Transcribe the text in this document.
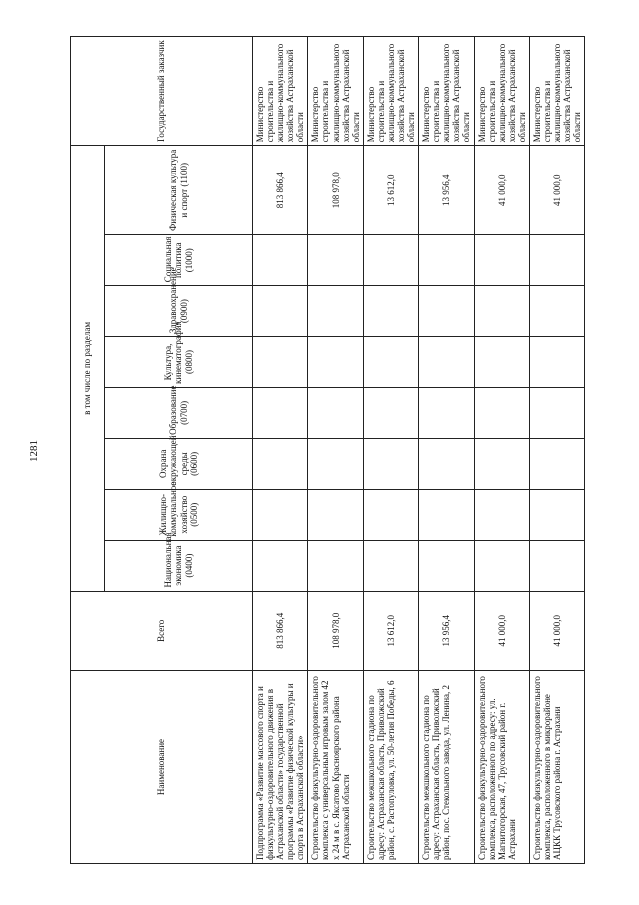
1281
Наименование	Всего	в том числе по разделам								Государственный заказчик
		Национальная экономика (0400)	Жилищно-коммунальное хозяйство (0500)	Охрана окружающей среды (0600)	Образование (0700)	Культура, кинематография (0800)	Здравоохранение (0900)	Социальная политика (1000)	Физическая культура и спорт (1100)	
Подпрограмма «Развитие массового спорта и физкультурно-оздоровительного движения в Астраханской области» государственной программы «Развитие физической культуры и спорта в Астраханской области»	813 866,4								813 866,4	Министерство строительства и жилищно-коммунального хозяйства Астраханской области
Строительство физкультурно-оздоровительного комплекса с универсальным игровым залом 42 х 24 м в с. Яксатово Красноярского района Астраханской области	108 978,0								108 978,0	Министерство строительства и жилищно-коммунального хозяйства Астраханской области
Строительство межшкольного стадиона по адресу: Астраханская область, Приволжский район, с. Растопуловка, ул. 50-летия Победы, 6	13 612,0								13 612,0	Министерство строительства и жилищно-коммунального хозяйства Астраханской области
Строительство межшкольного стадиона по адресу: Астраханская область, Приволжский район, пос. Стекольного завода, ул. Ленина, 2	13 956,4								13 956,4	Министерство строительства и жилищно-коммунального хозяйства Астраханской области
Строительство физкультурно-оздоровительного комплекса, расположенного по адресу: ул. Магнитогорская, 47, Трусовский район г. Астрахани	41 000,0								41 000,0	Министерство строительства и жилищно-коммунального хозяйства Астраханской области
Строительство физкультурно-оздоровительного комплекса, расположенного в микрорайоне АЦКК Трусовского района г. Астрахани	41 000,0								41 000,0	Министерство строительства и жилищно-коммунального хозяйства Астраханской области
